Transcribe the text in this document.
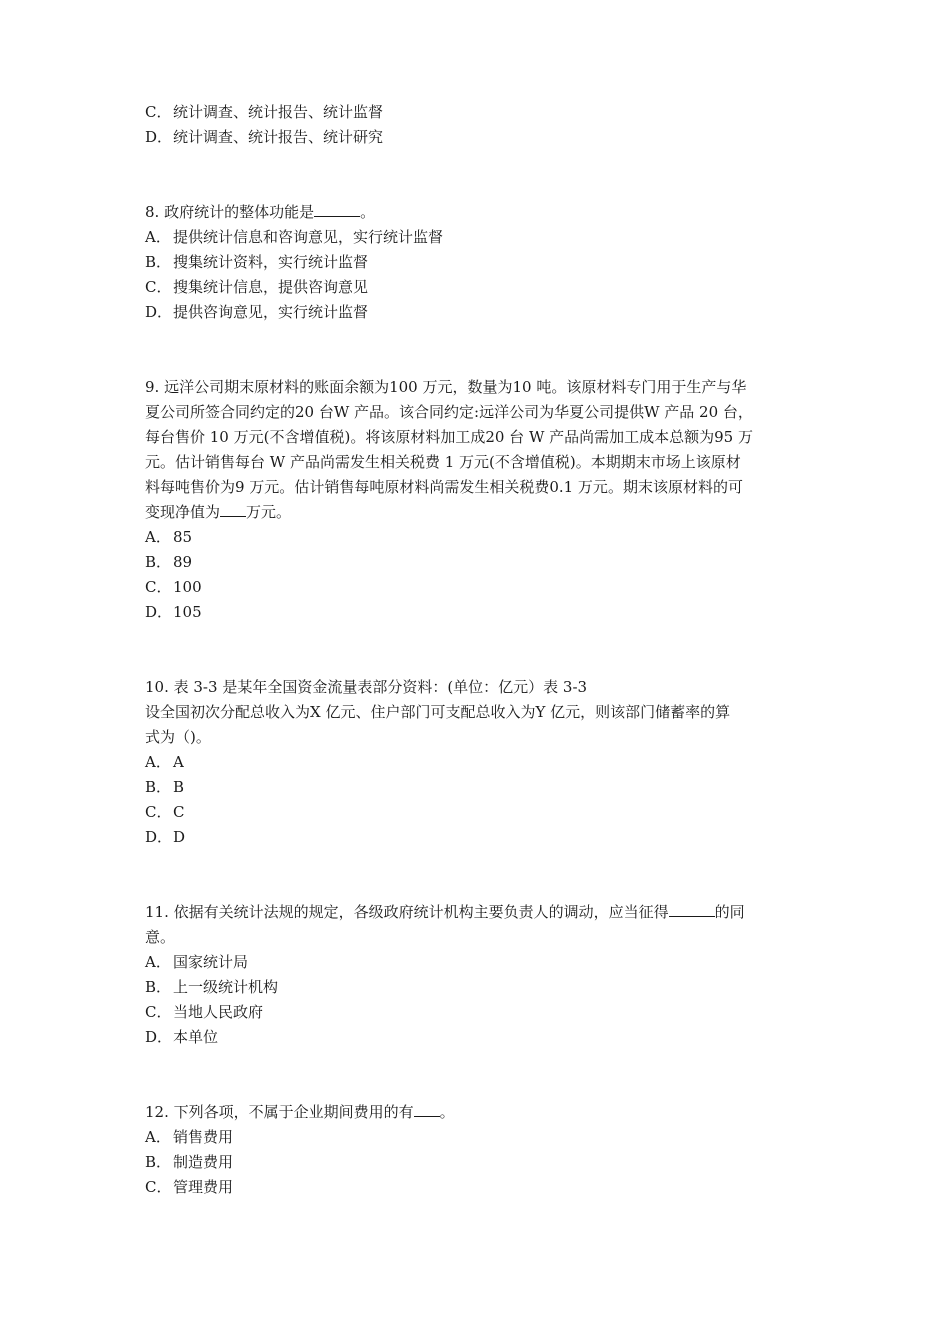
C． 统计调查、统计报告、统计监督
D．统计调查、统计报告、统计研究
8. 政府统计的整体功能是	。
A． 提供统计信息和咨询意见，实行统计监督
B． 搜集统计资料，实行统计监督
C． 搜集统计信息，提供咨询意见
D．提供咨询意见，实行统计监督
9. 远洋公司期末原材料的账面余额为100 万元，数量为10 吨。该原材料专门用于生产与华
夏公司所签合同约定的20 台W 产品。该合同约定:远洋公司为华夏公司提供W 产品 20 台，
每台售价 10 万元(不含增值税)。将该原材料加工成20 台 W 产品尚需加工成本总额为95 万
元。估计销售每台 W 产品尚需发生相关税费 1 万元(不含增值税)。本期期末市场上该原材
料每吨售价为9 万元。估计销售每吨原材料尚需发生相关税费0.1 万元。期末该原材料的可
变现净值为 万元。
A． 85
B． 89
C． 100
D．105
10. 表 3-3 是某年全国资金流量表部分资料：(单位：亿元）表 3-3
设全国初次分配总收入为X 亿元、住户部门可支配总收入为Y 亿元，则该部门储蓄率的算
式为（)。
A． A
B． B
C． C
D．D
11. 依据有关统计法规的规定，各级政府统计机构主要负责人的调动，应当征得	的同
意。
A． 国家统计局
B． 上一级统计机构
C． 当地人民政府
D．本单位
12. 下列各项，不属于企业期间费用的有 。
A． 销售费用
B． 制造费用
C． 管理费用
